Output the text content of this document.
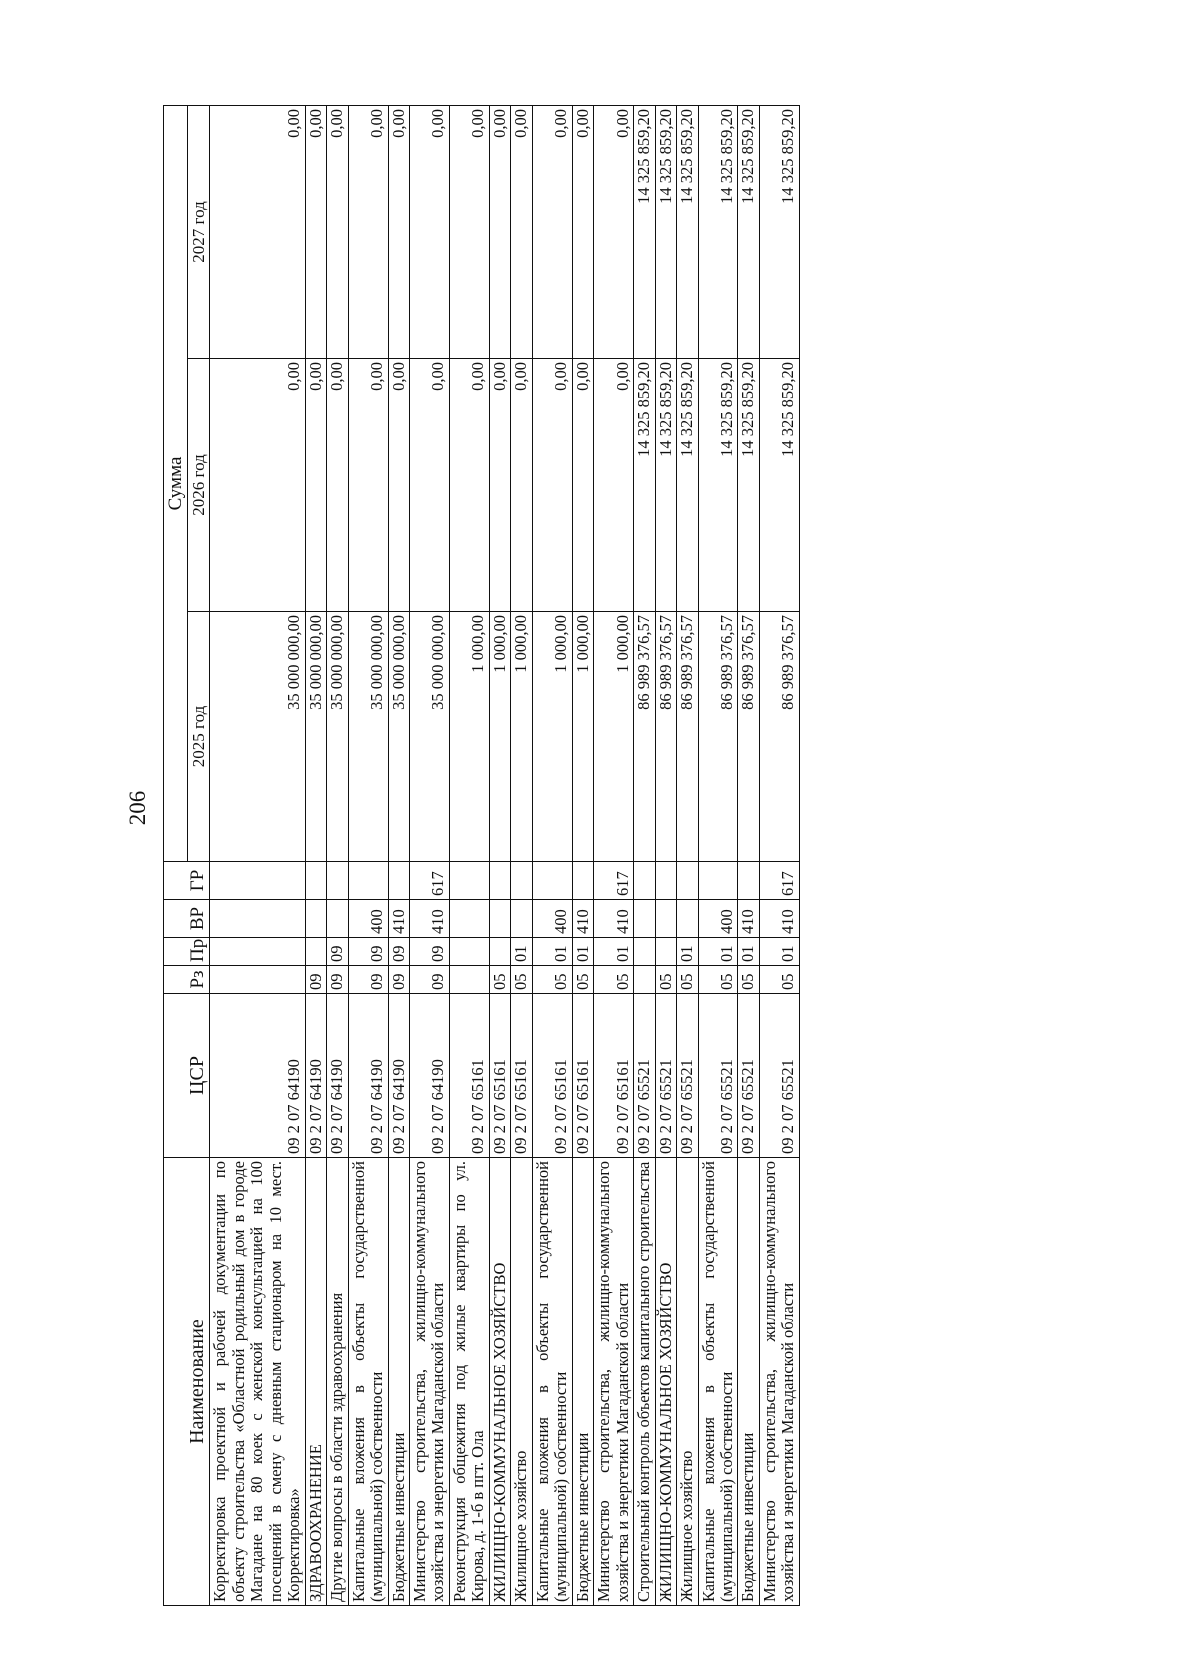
206
Наименование	ЦСР	Рз	Пр	ВР	ГР	Сумма		
						2025 год	2026 год	2027 год
Корректировка проектной и рабочей документации по объекту строительства «Областной родильный дом в городе Магадане на 80 коек с женской консультацией на 100 посещений в смену с дневным стационаром на 10 мест. Корректировка»	09 2 07 64190					35 000 000,00	0,00	0,00
ЗДРАВООХРАНЕНИЕ	09 2 07 64190	09				35 000 000,00	0,00	0,00
Другие вопросы в области здравоохранения	09 2 07 64190	09	09			35 000 000,00	0,00	0,00
Капитальные вложения в объекты государственной (муниципальной) собственности	09 2 07 64190	09	09	400		35 000 000,00	0,00	0,00
Бюджетные инвестиции	09 2 07 64190	09	09	410		35 000 000,00	0,00	0,00
Министерство строительства, жилищно-коммунального хозяйства и энергетики Магаданской области	09 2 07 64190	09	09	410	617	35 000 000,00	0,00	0,00
Реконструкция общежития под жилые квартиры по ул. Кирова, д. 1-б в пгт. Ола	09 2 07 65161					1 000,00	0,00	0,00
ЖИЛИЩНО-КОММУНАЛЬНОЕ ХОЗЯЙСТВО	09 2 07 65161	05				1 000,00	0,00	0,00
Жилищное хозяйство	09 2 07 65161	05	01			1 000,00	0,00	0,00
Капитальные вложения в объекты государственной (муниципальной) собственности	09 2 07 65161	05	01	400		1 000,00	0,00	0,00
Бюджетные инвестиции	09 2 07 65161	05	01	410		1 000,00	0,00	0,00
Министерство строительства, жилищно-коммунального хозяйства и энергетики Магаданской области	09 2 07 65161	05	01	410	617	1 000,00	0,00	0,00
Строительный контроль объектов капитального строительства	09 2 07 65521					86 989 376,57	14 325 859,20	14 325 859,20
ЖИЛИЩНО-КОММУНАЛЬНОЕ ХОЗЯЙСТВО	09 2 07 65521	05				86 989 376,57	14 325 859,20	14 325 859,20
Жилищное хозяйство	09 2 07 65521	05	01			86 989 376,57	14 325 859,20	14 325 859,20
Капитальные вложения в объекты государственной (муниципальной) собственности	09 2 07 65521	05	01	400		86 989 376,57	14 325 859,20	14 325 859,20
Бюджетные инвестиции	09 2 07 65521	05	01	410		86 989 376,57	14 325 859,20	14 325 859,20
Министерство строительства, жилищно-коммунального хозяйства и энергетики Магаданской области	09 2 07 65521	05	01	410	617	86 989 376,57	14 325 859,20	14 325 859,20
